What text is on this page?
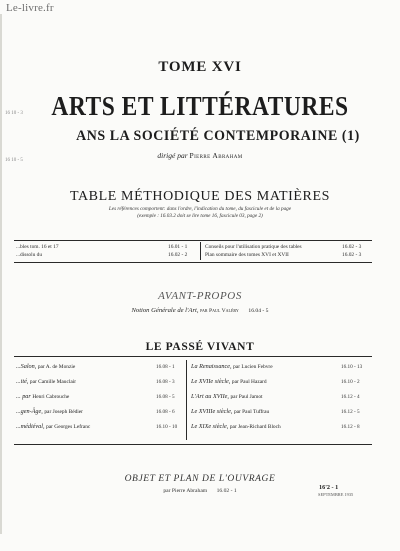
Le-livre.fr
16 10 - 3
16 10 - 5
TOME XVI
ARTS ET LITTÉRATURES
ANS LA SOCIÉTÉ CONTEMPORAINE (1)
dirigé par Pierre Abraham
TABLE MÉTHODIQUE DES MATIÈRES
Les références comportent: dans l'ordre, l'indication du tome, du fascicule et de la page
(exemple : 16.03.2 doit se lire tome 16, fascicule 03, page 2)
...bles tom. 16 et 17	16.01 - 1
...dissolu du	16.02 - 2
Conseils pour l'utilisation pratique des tables	16.02 - 3
Plan sommaire des tomes XVI et XVII	16.02 - 3
AVANT-PROPOS
Notion Générale de l'Art, par Paul Valéry 16.04 - 5
LE PASSÉ VIVANT
...Salon, par A. de Monzie	16.08 - 1
...ité, par Camille Mauclair	16.08 - 3
... par Henri Cabrouche	16.08 - 5
...gen-Âge, par Joseph Bédier	16.08 - 6
...médiéval, par Georges Lefranc	16.10 - 10
La Renaissance, par Lucien Febvre	16.10 - 13
Le XVIIe siècle, par Paul Hazard	16.10 - 2
L'Art au XVIIe, par Paul Jamot	16.12 - 4
Le XVIIIe siècle, par Paul Tuffrau	16.12 - 5
Le XIXe siècle, par Jean-Richard Bloch	16.12 - 8
OBJET ET PLAN DE L'OUVRAGE
par Pierre Abraham 16.02 - 1	16'2 - 1
SEPTEMBRE 1935
